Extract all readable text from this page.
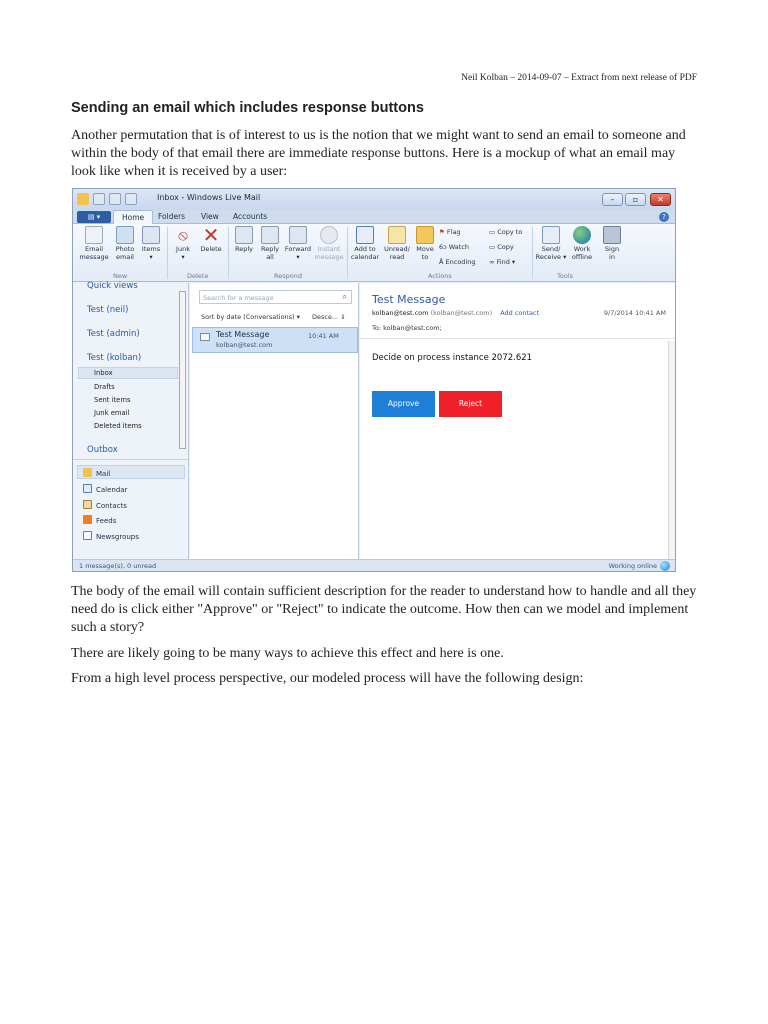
Neil Kolban – 2014-09-07 – Extract from next release of PDF
Sending an email which includes response buttons

Another permutation that is of interest to us is the notion that we might want to send an email to someone and within the body of that email there are immediate response buttons. Here is a mockup of what an email may look like when it is received by a user:

Inbox - Windows Live Mail	–	▫	✕
▤ ▾	Home	Folders View Accounts	?
Email
message
Photo
email
Items
▾
⦸
Junk
▾
✕
Delete	Reply	Reply
all
Forward
▾
Instant
message
Add to
calendar
Unread/
read
Move
to
⚑ Flag
6ↄ Watch
Å Encoding
▭ Copy to
▭ Copy
∞ Find ▾
Send/
Receive ▾
Work
offline
Sign
in
New	Delete	Respond	Actions	Tools
Quick views
Test (neil)
Test (admin)
Test (kolban)
Inbox
Drafts
Sent items
Junk email
Deleted items
Outbox
Mail
Calendar
Contacts
Feeds
Newsgroups
Search for a message	⌕
Sort by date (Conversations) ▾ Desce... ⇓
Test Message
kolban@test.com
10:41 AM
Test Message
kolban@test.com (kolban@test.com) Add contact	9/7/2014 10:41 AM
To: kolban@test.com;
Decide on process instance 2072.621
Approve	Reject
1 message(s), 0 unread	Working online

The body of the email will contain sufficient description for the reader to understand how to handle and all they need do is click either "Approve" or "Reject" to indicate the outcome. How then can we model and implement such a story?

There are likely going to be many ways to achieve this effect and here is one.

From a high level process perspective, our modeled process will have the following design:
